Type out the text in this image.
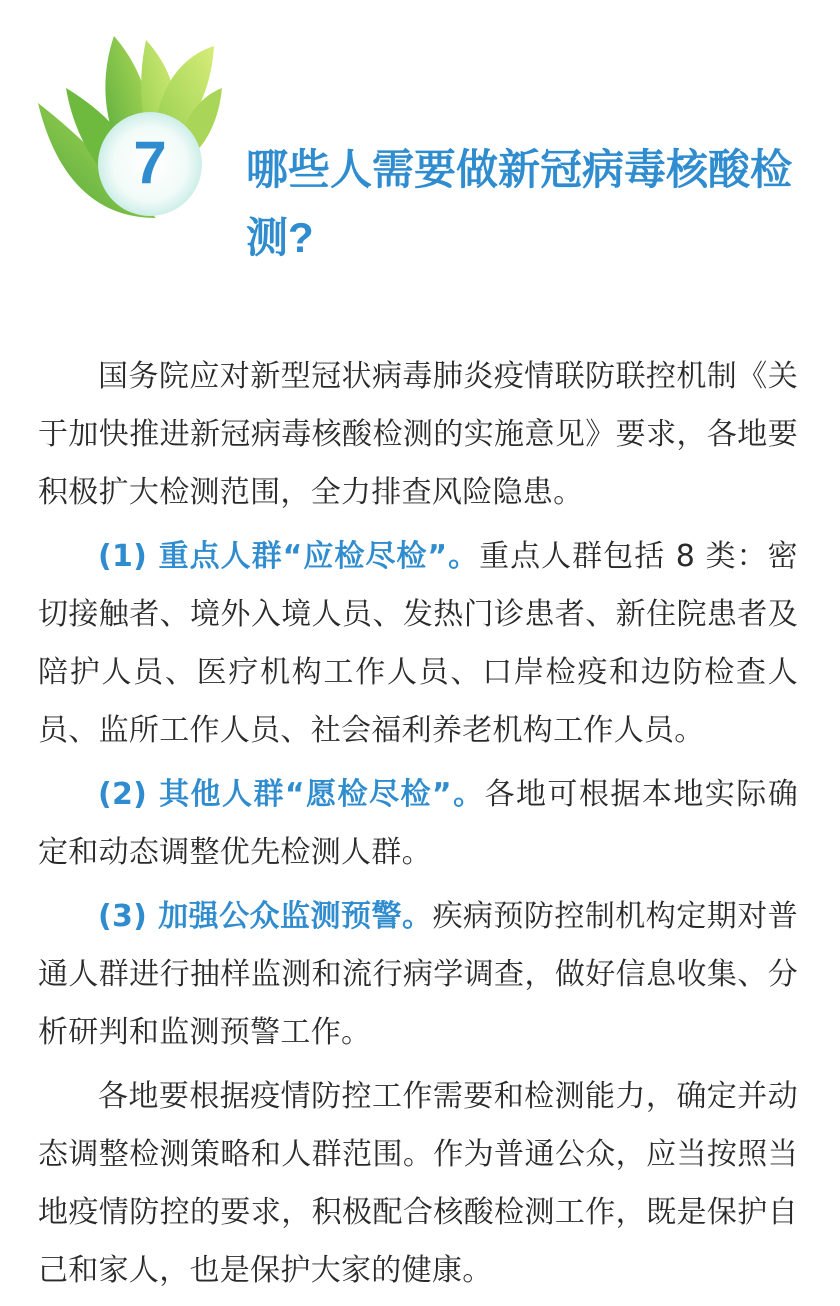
7	哪些人需要做新冠病毒核酸检测?

国务院应对新型冠状病毒肺炎疫情联防联控机制《关于加快推进新冠病毒核酸检测的实施意见》要求，各地要积极扩大检测范围，全力排查风险隐患。

(1) 重点人群“应检尽检”。重点人群包括 8 类：密切接触者、境外入境人员、发热门诊患者、新住院患者及陪护人员、医疗机构工作人员、口岸检疫和边防检查人员、监所工作人员、社会福利养老机构工作人员。

(2) 其他人群“愿检尽检”。各地可根据本地实际确定和动态调整优先检测人群。

(3) 加强公众监测预警。疾病预防控制机构定期对普通人群进行抽样监测和流行病学调查，做好信息收集、分析研判和监测预警工作。

各地要根据疫情防控工作需要和检测能力，确定并动态调整检测策略和人群范围。作为普通公众，应当按照当地疫情防控的要求，积极配合核酸检测工作，既是保护自己和家人，也是保护大家的健康。
